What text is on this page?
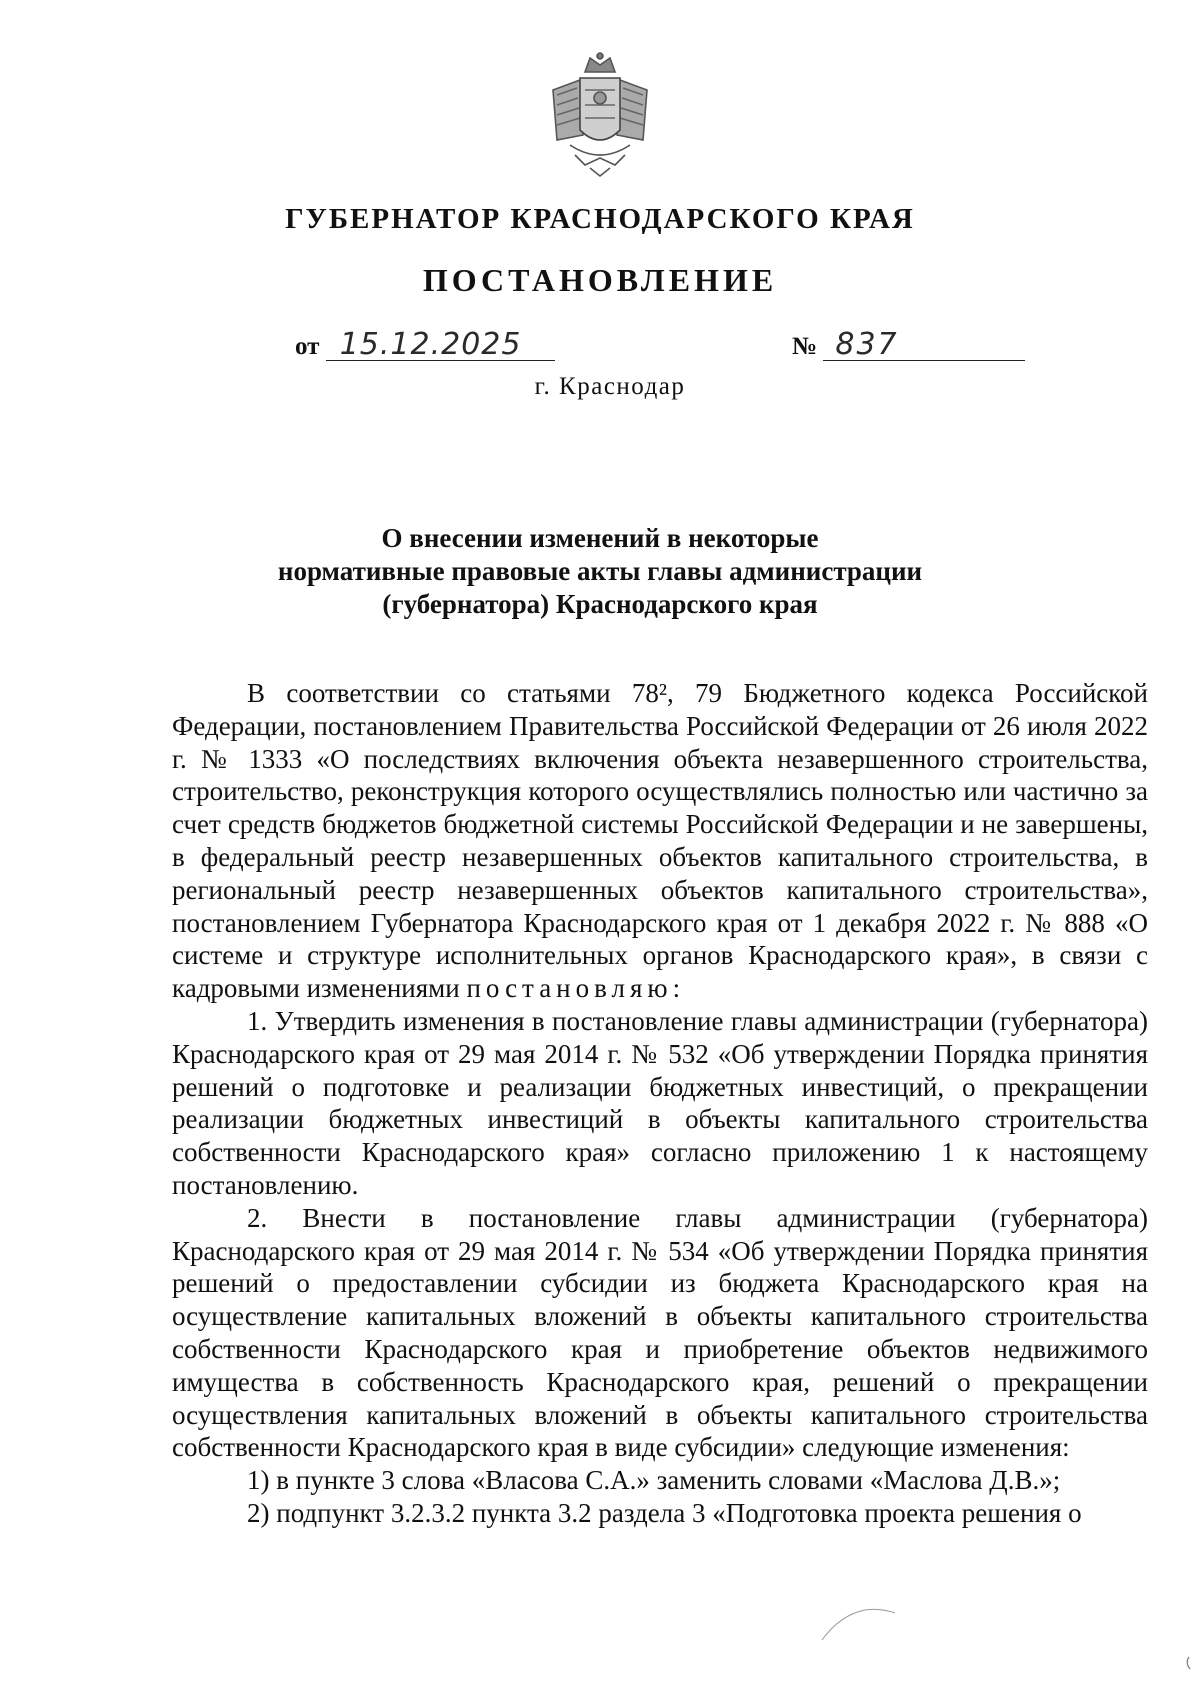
ГУБЕРНАТОР КРАСНОДАРСКОГО КРАЯ
ПОСТАНОВЛЕНИЕ
от 15.12.2025	№ 837
г. Краснодар
О внесении изменений в некоторые
нормативные правовые акты главы администрации
(губернатора) Краснодарского края

В соответствии со статьями 78², 79 Бюджетного кодекса Российской Федерации, постановлением Правительства Российской Федерации от 26 июля 2022 г. № 1333 «О последствиях включения объекта незавершенного строительства, строительство, реконструкция которого осуществлялись полностью или частично за счет средств бюджетов бюджетной системы Российской Федерации и не завершены, в федеральный реестр незавершенных объектов капитального строительства, в региональный реестр незавершенных объектов капитального строительства», постановлением Губернатора Краснодарского края от 1 декабря 2022 г. № 888 «О системе и структуре исполнительных органов Краснодарского края», в связи с кадровыми изменениями постановляю:

1. Утвердить изменения в постановление главы администрации (губернатора) Краснодарского края от 29 мая 2014 г. № 532 «Об утверждении Порядка принятия решений о подготовке и реализации бюджетных инвестиций, о прекращении реализации бюджетных инвестиций в объекты капитального строительства собственности Краснодарского края» согласно приложению 1 к настоящему постановлению.

2. Внести в постановление главы администрации (губернатора) Краснодарского края от 29 мая 2014 г. № 534 «Об утверждении Порядка принятия решений о предоставлении субсидии из бюджета Краснодарского края на осуществление капитальных вложений в объекты капитального строительства собственности Краснодарского края и приобретение объектов недвижимого имущества в собственность Краснодарского края, решений о прекращении осуществления капитальных вложений в объекты капитального строительства собственности Краснодарского края в виде субсидии» следующие изменения:

1) в пункте 3 слова «Власова С.А.» заменить словами «Маслова Д.В.»;

2) подпункт 3.2.3.2 пункта 3.2 раздела 3 «Подготовка проекта решения о
